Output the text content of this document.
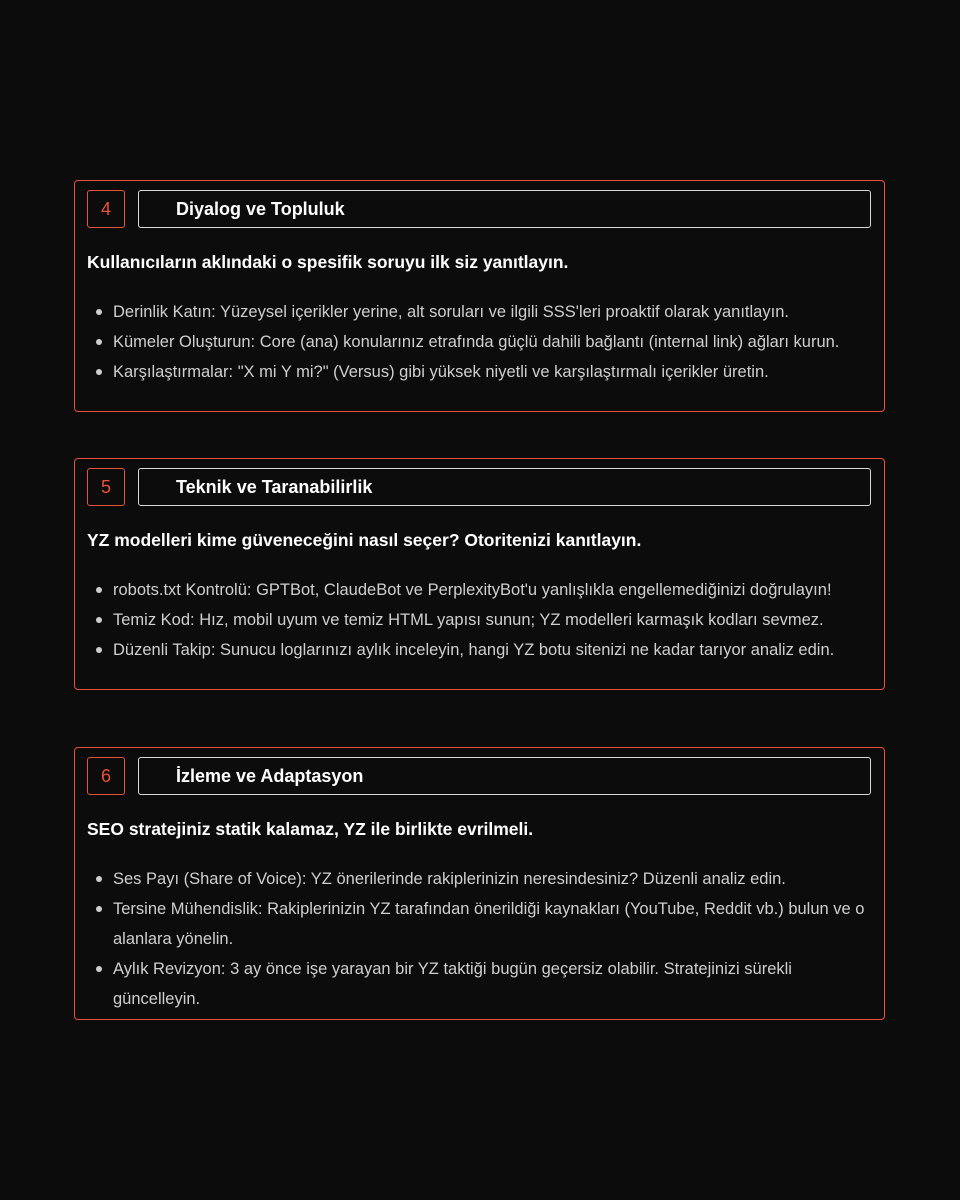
4	Diyalog ve Topluluk
Kullanıcıların aklındaki o spesifik soruyu ilk siz yanıtlayın.
Derinlik Katın: Yüzeysel içerikler yerine, alt soruları ve ilgili SSS'leri proaktif olarak yanıtlayın.
Kümeler Oluşturun: Core (ana) konularınız etrafında güçlü dahili bağlantı (internal link) ağları kurun.
Karşılaştırmalar: "X mi Y mi?" (Versus) gibi yüksek niyetli ve karşılaştırmalı içerikler üretin.
5	Teknik ve Taranabilirlik
YZ modelleri kime güveneceğini nasıl seçer? Otoritenizi kanıtlayın.
robots.txt Kontrolü: GPTBot, ClaudeBot ve PerplexityBot'u yanlışlıkla engellemediğinizi doğrulayın!
Temiz Kod: Hız, mobil uyum ve temiz HTML yapısı sunun; YZ modelleri karmaşık kodları sevmez.
Düzenli Takip: Sunucu loglarınızı aylık inceleyin, hangi YZ botu sitenizi ne kadar tarıyor analiz edin.
6	İzleme ve Adaptasyon
SEO stratejiniz statik kalamaz, YZ ile birlikte evrilmeli.
Ses Payı (Share of Voice): YZ önerilerinde rakiplerinizin neresindesiniz? Düzenli analiz edin.
Tersine Mühendislik: Rakiplerinizin YZ tarafından önerildiği kaynakları (YouTube, Reddit vb.) bulun ve o alanlara yönelin.
Aylık Revizyon: 3 ay önce işe yarayan bir YZ taktiği bugün geçersiz olabilir. Stratejinizi sürekli güncelleyin.
